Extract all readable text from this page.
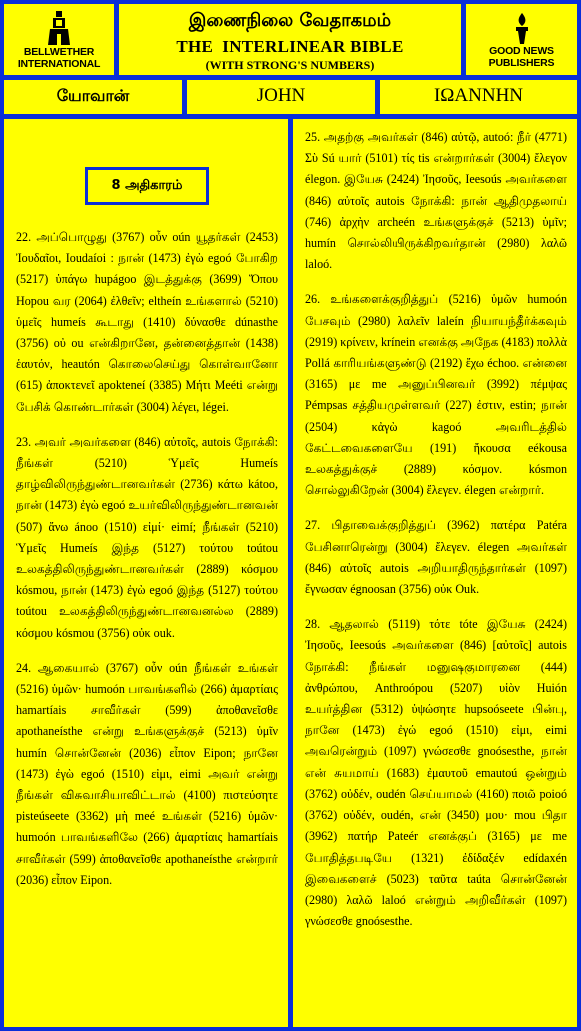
BELLWETHER
INTERNATIONAL
இணைநிலை வேதாகமம்
THE  INTERLINEAR BIBLE
(WITH STRONG'S NUMBERS)
GOOD NEWS
PUBLISHERS
யோவான்	JOHN	ΙΩΑΝΝΗΝ
8 அதிகாரம்

22. அப்பொழுது (3767) οὖν oún யூதர்கள் (2453) Ἰουδαῖοι, Ioudaíoi : நான் (1473) ἐγὼ egoó போகிற (5217) ὑπάγω hupágoo இடத்துக்கு (3699) Ὅπου Hopou வர (2064) ἐλθεῖν; eltheín உங்களால் (5210) ὑμεῖς humeís கூடாது (1410) δύνασθε dúnasthe (3756) οὐ ou என்கிறானே, தன்னைத்தான் (1438) ἑαυτόν, heautón கொலைசெய்து கொள்வானோ (615) ἀποκτενεῖ apokteneí (3385) Μήτι Meéti என்று பேசிக் கொண்டார்கள் (3004) λέγει, légei.

23. அவர் அவர்களை (846) αὐτοῖς, autois நோக்கி: நீங்கள் (5210) Ὑμεῖς Humeís தாழ்விலிருந்துண்டானவர்கள் (2736) κάτω kátoo, நான் (1473) ἐγὼ egoó உயர்விலிருந்துண்டானவன் (507) ἄνω ánoo (1510) εἰμί· eimí; நீங்கள் (5210) Ὑμεῖς Humeís இந்த (5127) τούτου toútou உலகத்திலிருந்துண்டானவர்கள் (2889) κόσμου kósmou, நான் (1473) ἐγὼ egoó இந்த (5127) τούτου toútou உலகத்திலிருந்துண்டானவனல்ல (2889) κόσμου kósmou (3756) οὐκ ouk.

24. ஆகையால் (3767) οὖν oún நீங்கள் உங்கள் (5216) ὑμῶν· humoón பாவங்களில் (266) ἁμαρτίαις hamartíais சாவீர்கள் (599) ἀποθανεῖσθε apothaneísthe என்று உங்களுக்குச் (5213) ὑμῖν humín சொன்னேன் (2036) εἶπον Eipon; நானே (1473) ἐγὼ egoó (1510) εἰμι, eimi அவர் என்று நீங்கள் விசுவாசியாவிட்டால் (4100) πιστεύσητε pisteúseete (3362) μὴ meé உங்கள் (5216) ὑμῶν· humoón பாவங்களிலே (266) ἁμαρτίαις hamartíais சாவீர்கள் (599) ἀποθανεῖσθε apothaneísthe என்றார் (2036) εἶπον Eipon.

25. அதற்கு அவர்கள் (846) αὐτῷ, autoó: நீர் (4771) Σὺ Sú யார் (5101) τίς tis என்றார்கள் (3004) ἔλεγον élegon. இயேசு (2424) Ἰησοῦς, Ieesoús அவர்களை (846) αὐτοῖς autois நோக்கி: நான் ஆதிமுதலாய் (746) ἀρχὴν archeén உங்களுக்குச் (5213) ὑμῖν; humín சொல்லியிருக்கிறவர்தான் (2980) λαλῶ laloó.

26. உங்களைக்குறித்துப் (5216) ὑμῶν humoón பேசவும் (2980) λαλεῖν laleín நியாயந்தீர்க்கவும் (2919) κρίνειν, krínein எனக்கு அநேக (4183) πολλὰ Pollá காரியங்களுண்டு (2192) ἔχω échoo. என்னை (3165) με me அனுப்பினவர் (3992) πέμψας Pémpsas சத்தியமுள்ளவர் (227) ἐστιν, estin; நான் (2504) κἀγὼ kagoó அவரிடத்தில் கேட்டவைகளையே (191) ἤκουσα eékousa உலகத்துக்குச் (2889) κόσμον. kósmon சொல்லுகிறேன் (3004) ἔλεγεν. élegen என்றார்.

27. பிதாவைக்குறித்துப் (3962) πατέρα Patéra பேசினாரென்று (3004) ἔλεγεν. élegen அவர்கள் (846) αὐτοῖς autois அறியாதிருந்தார்கள் (1097) ἔγνωσαν égnoosan (3756) οὐκ Ouk.

28. ஆதலால் (5119) τότε tóte இயேசு (2424) Ἰησοῦς, Ieesoús அவர்களை (846) [αὐτοῖς] autois நோக்கி: நீங்கள் மனுஷகுமாரனை (444) ἀνθρώπου, Anthroópou (5207) υἱὸν Huión உயர்த்தின (5312) ὑψώσητε hupsoóseete பின்பு, நானே (1473) ἐγώ egoó (1510) εἰμι, eimi அவரென்றும் (1097) γνώσεσθε gnoósesthe, நான் என் சுயமாய் (1683) ἐμαυτοῦ emautoú ஒன்றும் (3762) οὐδέν, oudén செய்யாமல் (4160) ποιῶ poioó (3762) οὐδέν, oudén, என் (3450) μου· mou பிதா (3962) πατήρ Pateér எனக்குப் (3165) με me போதித்தபடியே (1321) ἐδίδαξέν edídaxén இவைகளைச் (5023) ταῦτα taúta சொன்னேன் (2980) λαλῶ laloó என்றும் அறிவீர்கள் (1097) γνώσεσθε gnoósesthe.
